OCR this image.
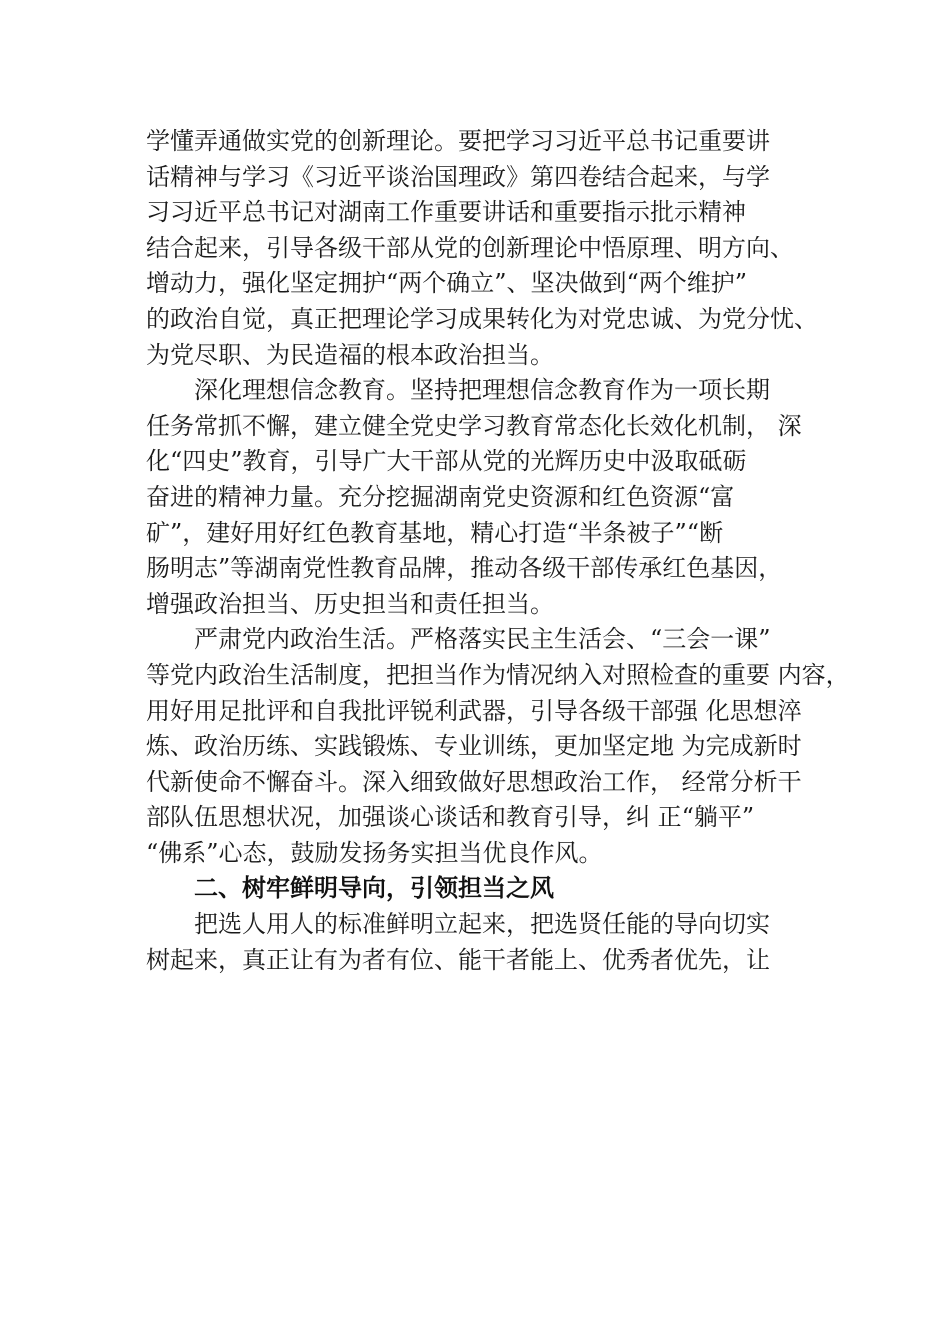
学懂弄通做实党的创新理论。要把学习习近平总书记重要讲
话精神与学习《习近平谈治国理政》第四卷结合起来，与学
习习近平总书记对湖南工作重要讲话和重要指示批示精神
结合起来，引导各级干部从党的创新理论中悟原理、明方向、
增动力，强化坚定拥护“两个确立”、坚决做到“两个维护”
的政治自觉，真正把理论学习成果转化为对党忠诚、为党分忧、
为党尽职、为民造福的根本政治担当。
　　深化理想信念教育。坚持把理想信念教育作为一项长期
任务常抓不懈，建立健全党史学习教育常态化长效化机制， 深
化“四史”教育，引导广大干部从党的光辉历史中汲取砥砺
奋进的精神力量。充分挖掘湖南党史资源和红色资源“富
矿”，建好用好红色教育基地，精心打造“半条被子”“断
肠明志”等湖南党性教育品牌，推动各级干部传承红色基因，
增强政治担当、历史担当和责任担当。
　　严肃党内政治生活。严格落实民主生活会、“三会一课”
等党内政治生活制度，把担当作为情况纳入对照检查的重要 内容，
用好用足批评和自我批评锐利武器，引导各级干部强 化思想淬
炼、政治历练、实践锻炼、专业训练，更加坚定地 为完成新时
代新使命不懈奋斗。深入细致做好思想政治工作， 经常分析干
部队伍思想状况，加强谈心谈话和教育引导，纠 正“躺平”
“佛系”心态，鼓励发扬务实担当优良作风。
　　二、树牢鲜明导向，引领担当之风
　　把选人用人的标准鲜明立起来，把选贤任能的导向切实
树起来，真正让有为者有位、能干者能上、优秀者优先，让
